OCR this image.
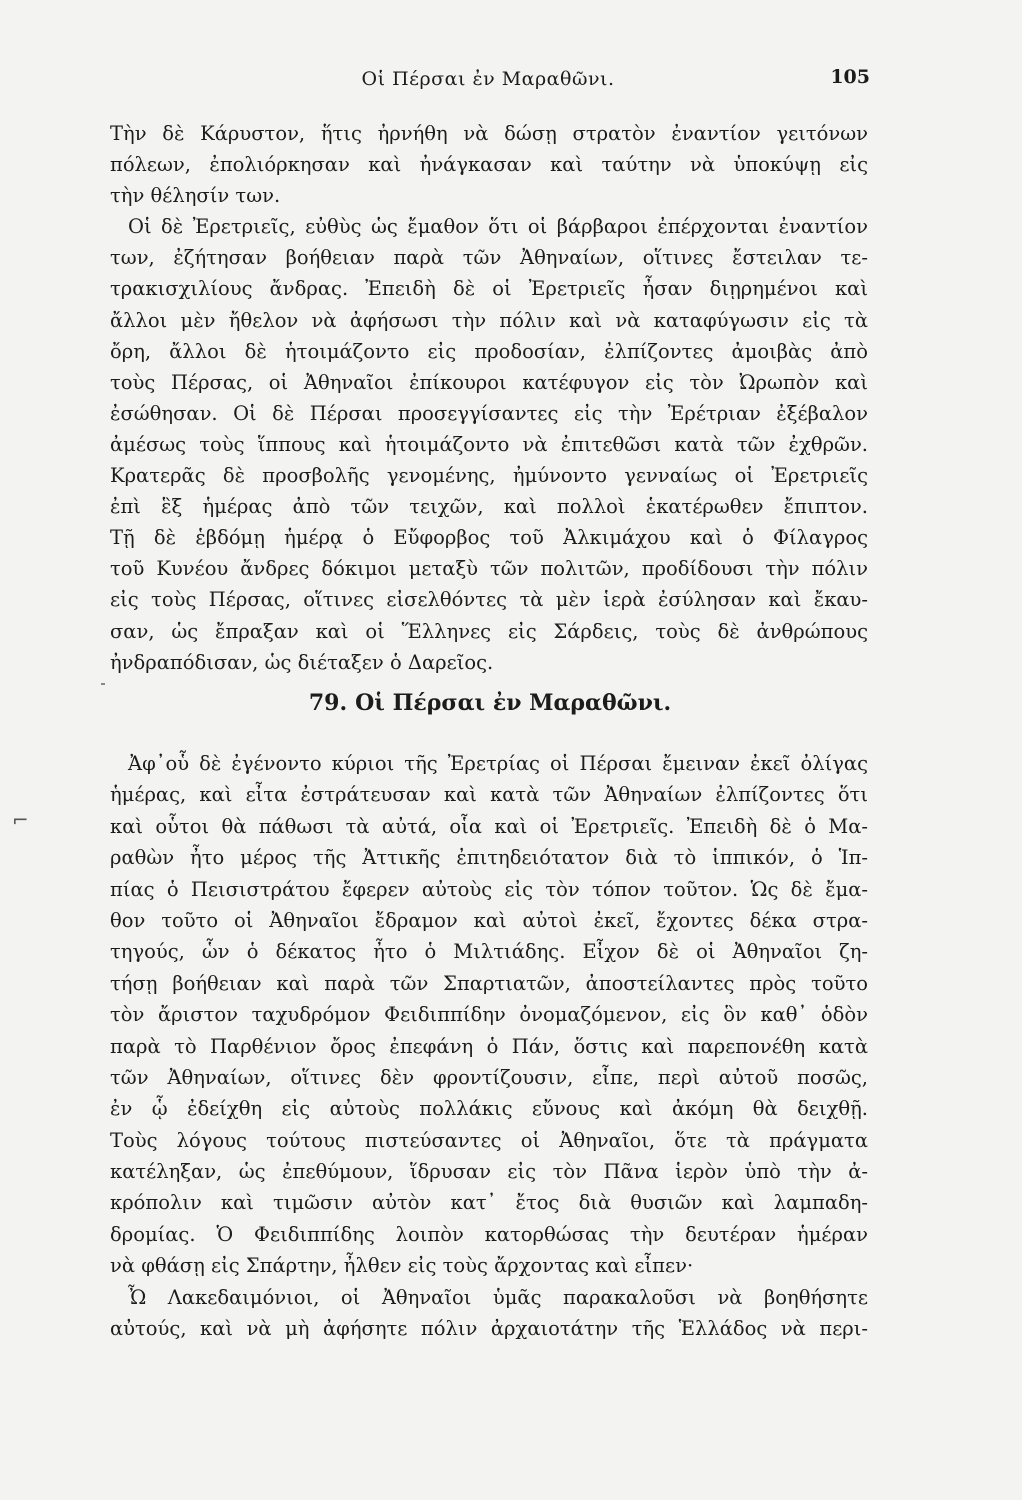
Οἱ Πέρσαι ἐν Μαραθῶνι.	105
Τὴν δὲ Κάρυστον, ἥτις ἠρνήθη νὰ δώσῃ στρατὸν ἐναντίον γειτόνων
πόλεων, ἐπολιόρκησαν καὶ ἠνάγκασαν καὶ ταύτην νὰ ὑποκύψῃ εἰς
τὴν θέλησίν των.
Οἱ δὲ Ἐρετριεῖς, εὐθὺς ὡς ἔμαθον ὅτι οἱ βάρβαροι ἐπέρχονται ἐναντίον
των, ἐζήτησαν βοήθειαν παρὰ τῶν Ἀθηναίων, οἵτινες ἔστειλαν τε-
τρακισχιλίους ἄνδρας. Ἐπειδὴ δὲ οἱ Ἐρετριεῖς ἦσαν διῃρημένοι καὶ
ἄλλοι μὲν ἤθελον νὰ ἀφήσωσι τὴν πόλιν καὶ νὰ καταφύγωσιν εἰς τὰ
ὄρη, ἄλλοι δὲ ἡτοιμάζοντο εἰς προδοσίαν, ἐλπίζοντες ἀμοιβὰς ἀπὸ
τοὺς Πέρσας, οἱ Ἀθηναῖοι ἐπίκουροι κατέφυγον εἰς τὸν Ὠρωπὸν καὶ
ἐσώθησαν. Οἱ δὲ Πέρσαι προσεγγίσαντες εἰς τὴν Ἐρέτριαν ἐξέβαλον
ἀμέσως τοὺς ἵππους καὶ ἡτοιμάζοντο νὰ ἐπιτεθῶσι κατὰ τῶν ἐχθρῶν.
Κρατερᾶς δὲ προσβολῆς γενομένης, ἠμύνοντο γενναίως οἱ Ἐρετριεῖς
ἐπὶ ἓξ ἡμέρας ἀπὸ τῶν τειχῶν, καὶ πολλοὶ ἑκατέρωθεν ἔπιπτον.
Τῇ δὲ ἑβδόμῃ ἡμέρᾳ ὁ Εὔφορβος τοῦ Ἀλκιμάχου καὶ ὁ Φίλαγρος
τοῦ Κυνέου ἄνδρες δόκιμοι μεταξὺ τῶν πολιτῶν, προδίδουσι τὴν πόλιν
εἰς τοὺς Πέρσας, οἵτινες εἰσελθόντες τὰ μὲν ἱερὰ ἐσύλησαν καὶ ἔκαυ-
σαν, ὡς ἔπραξαν καὶ οἱ Ἕλληνες εἰς Σάρδεις, τοὺς δὲ ἀνθρώπους
ἠνδραπόδισαν, ὡς διέταξεν ὁ Δαρεῖος.
79. Οἱ Πέρσαι ἐν Μαραθῶνι.
⌐
Ἀφ᾽οὗ δὲ ἐγένοντο κύριοι τῆς Ἐρετρίας οἱ Πέρσαι ἔμειναν ἐκεῖ ὀλίγας
ἡμέρας, καὶ εἶτα ἐστράτευσαν καὶ κατὰ τῶν Ἀθηναίων ἐλπίζοντες ὅτι
καὶ οὗτοι θὰ πάθωσι τὰ αὐτά, οἷα καὶ οἱ Ἐρετριεῖς. Ἐπειδὴ δὲ ὁ Μα-
ραθὼν ἦτο μέρος τῆς Ἀττικῆς ἐπιτηδειότατον διὰ τὸ ἱππικόν, ὁ Ἱπ-
πίας ὁ Πεισιστράτου ἔφερεν αὐτοὺς εἰς τὸν τόπον τοῦτον. Ὡς δὲ ἔμα-
θον τοῦτο οἱ Ἀθηναῖοι ἔδραμον καὶ αὐτοὶ ἐκεῖ, ἔχοντες δέκα στρα-
τηγούς, ὧν ὁ δέκατος ἦτο ὁ Μιλτιάδης. Εἶχον δὲ οἱ Ἀθηναῖοι ζη-
τήσῃ βοήθειαν καὶ παρὰ τῶν Σπαρτιατῶν, ἀποστείλαντες πρὸς τοῦτο
τὸν ἄριστον ταχυδρόμον Φειδιππίδην ὀνομαζόμενον, εἰς ὃν καθ᾽ ὁδὸν
παρὰ τὸ Παρθένιον ὄρος ἐπεφάνη ὁ Πάν, ὅστις καὶ παρεπονέθη κατὰ
τῶν Ἀθηναίων, οἵτινες δὲν φροντίζουσιν, εἶπε, περὶ αὐτοῦ ποσῶς,
ἐν ᾧ ἐδείχθη εἰς αὐτοὺς πολλάκις εὔνους καὶ ἀκόμη θὰ δειχθῇ.
Τοὺς λόγους τούτους πιστεύσαντες οἱ Ἀθηναῖοι, ὅτε τὰ πράγματα
κατέληξαν, ὡς ἐπεθύμουν, ἵδρυσαν εἰς τὸν Πᾶνα ἱερὸν ὑπὸ τὴν ἀ-
κρόπολιν καὶ τιμῶσιν αὐτὸν κατ᾽ ἔτος διὰ θυσιῶν καὶ λαμπαδη-
δρομίας. Ὁ Φειδιππίδης λοιπὸν κατορθώσας τὴν δευτέραν ἡμέραν
νὰ φθάσῃ εἰς Σπάρτην, ἦλθεν εἰς τοὺς ἄρχοντας καὶ εἶπεν·
Ὦ Λακεδαιμόνιοι, οἱ Ἀθηναῖοι ὑμᾶς παρακαλοῦσι νὰ βοηθήσητε
αὐτούς, καὶ νὰ μὴ ἀφήσητε πόλιν ἀρχαιοτάτην τῆς Ἑλλάδος νὰ περι-
